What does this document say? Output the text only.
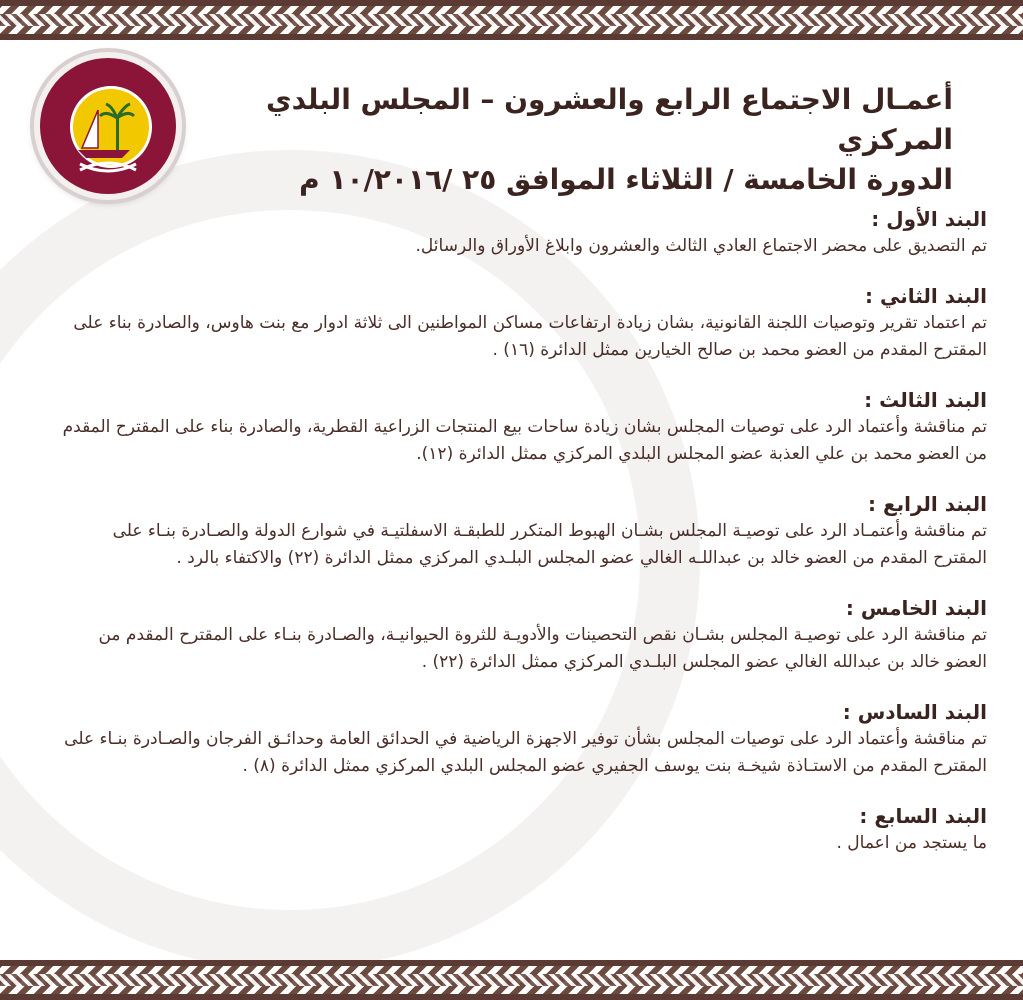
أعمـال الاجتماع الرابع والعشرون – المجلس البلدي المركزي
الدورة الخامسة / الثلاثاء الموافق ٢٥ /١٠/٢٠١٦ م
البند الأول :
تم التصديق على محضر الاجتماع العادي الثالث والعشرون وابلاغ الأوراق والرسائل.
البند الثاني :
تم اعتماد تقرير وتوصيات اللجنة القانونية، بشان زيادة ارتفاعات مساكن المواطنين الى ثلاثة ادوار مع بنت هاوس، والصادرة بناء على المقترح المقدم من العضو محمد بن صالح الخيارين ممثل الدائرة (١٦) .
البند الثالث :
تم مناقشة وأعتماد الرد على توصيات المجلس بشان زيادة ساحات بيع المنتجات الزراعية القطرية، والصادرة بناء على المقترح المقدم من العضو محمد بن علي العذبة عضو المجلس البلدي المركزي ممثل الدائرة (١٢).
البند الرابع :
تم مناقشة وأعتمـاد الرد على توصيـة المجلس بشـان الهبوط المتكرر للطبقـة الاسفلتيـة في شوارع الدولة والصـادرة بنـاء على المقترح المقدم من العضو خالد بن عبداللـه الغالي عضو المجلس البلـدي المركزي ممثل الدائرة (٢٢) والاكتفاء بالرد .
البند الخامس :
تم مناقشة الرد على توصيـة المجلس بشـان نقص التحصينات والأدويـة للثروة الحيوانيـة، والصـادرة بنـاء على المقترح المقدم من العضو خالد بن عبدالله الغالي عضو المجلس البلـدي المركزي ممثل الدائرة (٢٢) .
البند السادس :
تم مناقشة وأعتماد الرد على توصيات المجلس بشأن توفير الاجهزة الرياضية في الحدائق العامة وحدائـق الفرجان والصـادرة بنـاء على المقترح المقدم من الاستـاذة شيخـة بنت يوسف الجفيري عضو المجلس البلدي المركزي ممثل الدائرة (٨) .
البند السابع :
ما يستجد من اعمال .
